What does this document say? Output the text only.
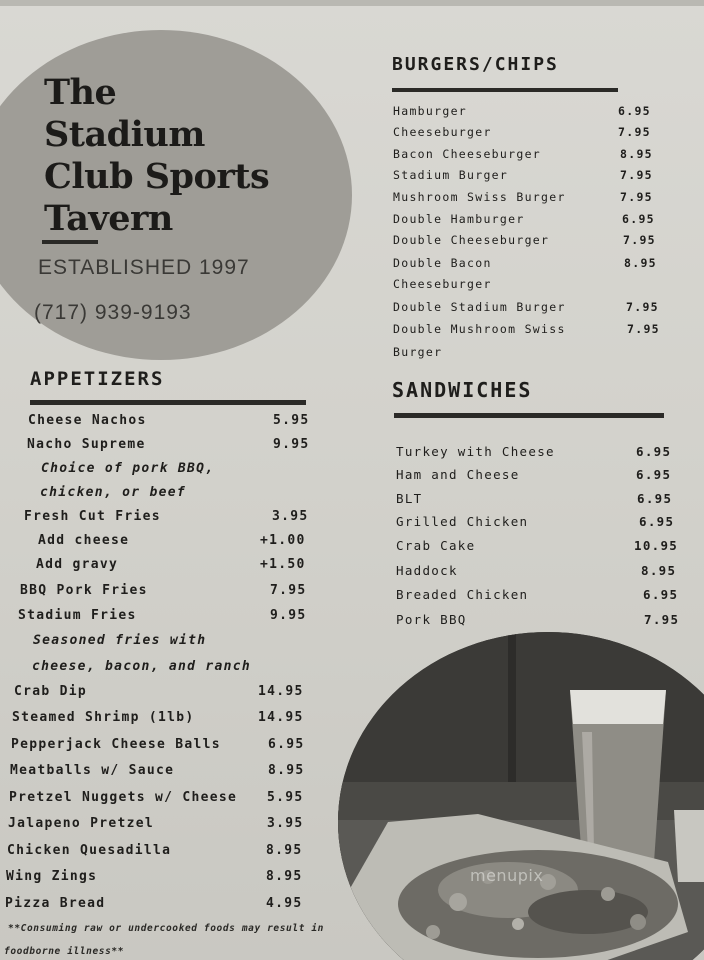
The
Stadium
Club Sports
Tavern
ESTABLISHED 1997
(717) 939-9193
BURGERS/CHIPS
Hamburger	6.95
Cheeseburger	7.95
Bacon Cheeseburger	8.95
Stadium Burger	7.95
Mushroom Swiss Burger	7.95
Double Hamburger	6.95
Double Cheeseburger	7.95
Double Bacon	8.95
Cheeseburger
Double Stadium Burger	7.95
Double Mushroom Swiss	7.95
Burger
SANDWICHES
Turkey with Cheese	6.95
Ham and Cheese	6.95
BLT	6.95
Grilled Chicken	6.95
Crab Cake	10.95
Haddock	8.95
Breaded Chicken	6.95
Pork BBQ	7.95
APPETIZERS
Cheese Nachos	5.95
Nacho Supreme	9.95
Choice of pork BBQ,
chicken, or beef
Fresh Cut Fries	3.95
Add cheese	+1.00
Add gravy	+1.50
BBQ Pork Fries	7.95
Stadium Fries	9.95
Seasoned fries with
cheese, bacon, and ranch
Crab Dip	14.95
Steamed Shrimp (1lb)	14.95
Pepperjack Cheese Balls	6.95
Meatballs w/ Sauce	8.95
Pretzel Nuggets w/ Cheese 5.95
Jalapeno Pretzel	3.95
Chicken Quesadilla	8.95
Wing Zings	8.95
Pizza Bread	4.95
**Consuming raw or undercooked foods may result in
foodborne illness**
menupix
